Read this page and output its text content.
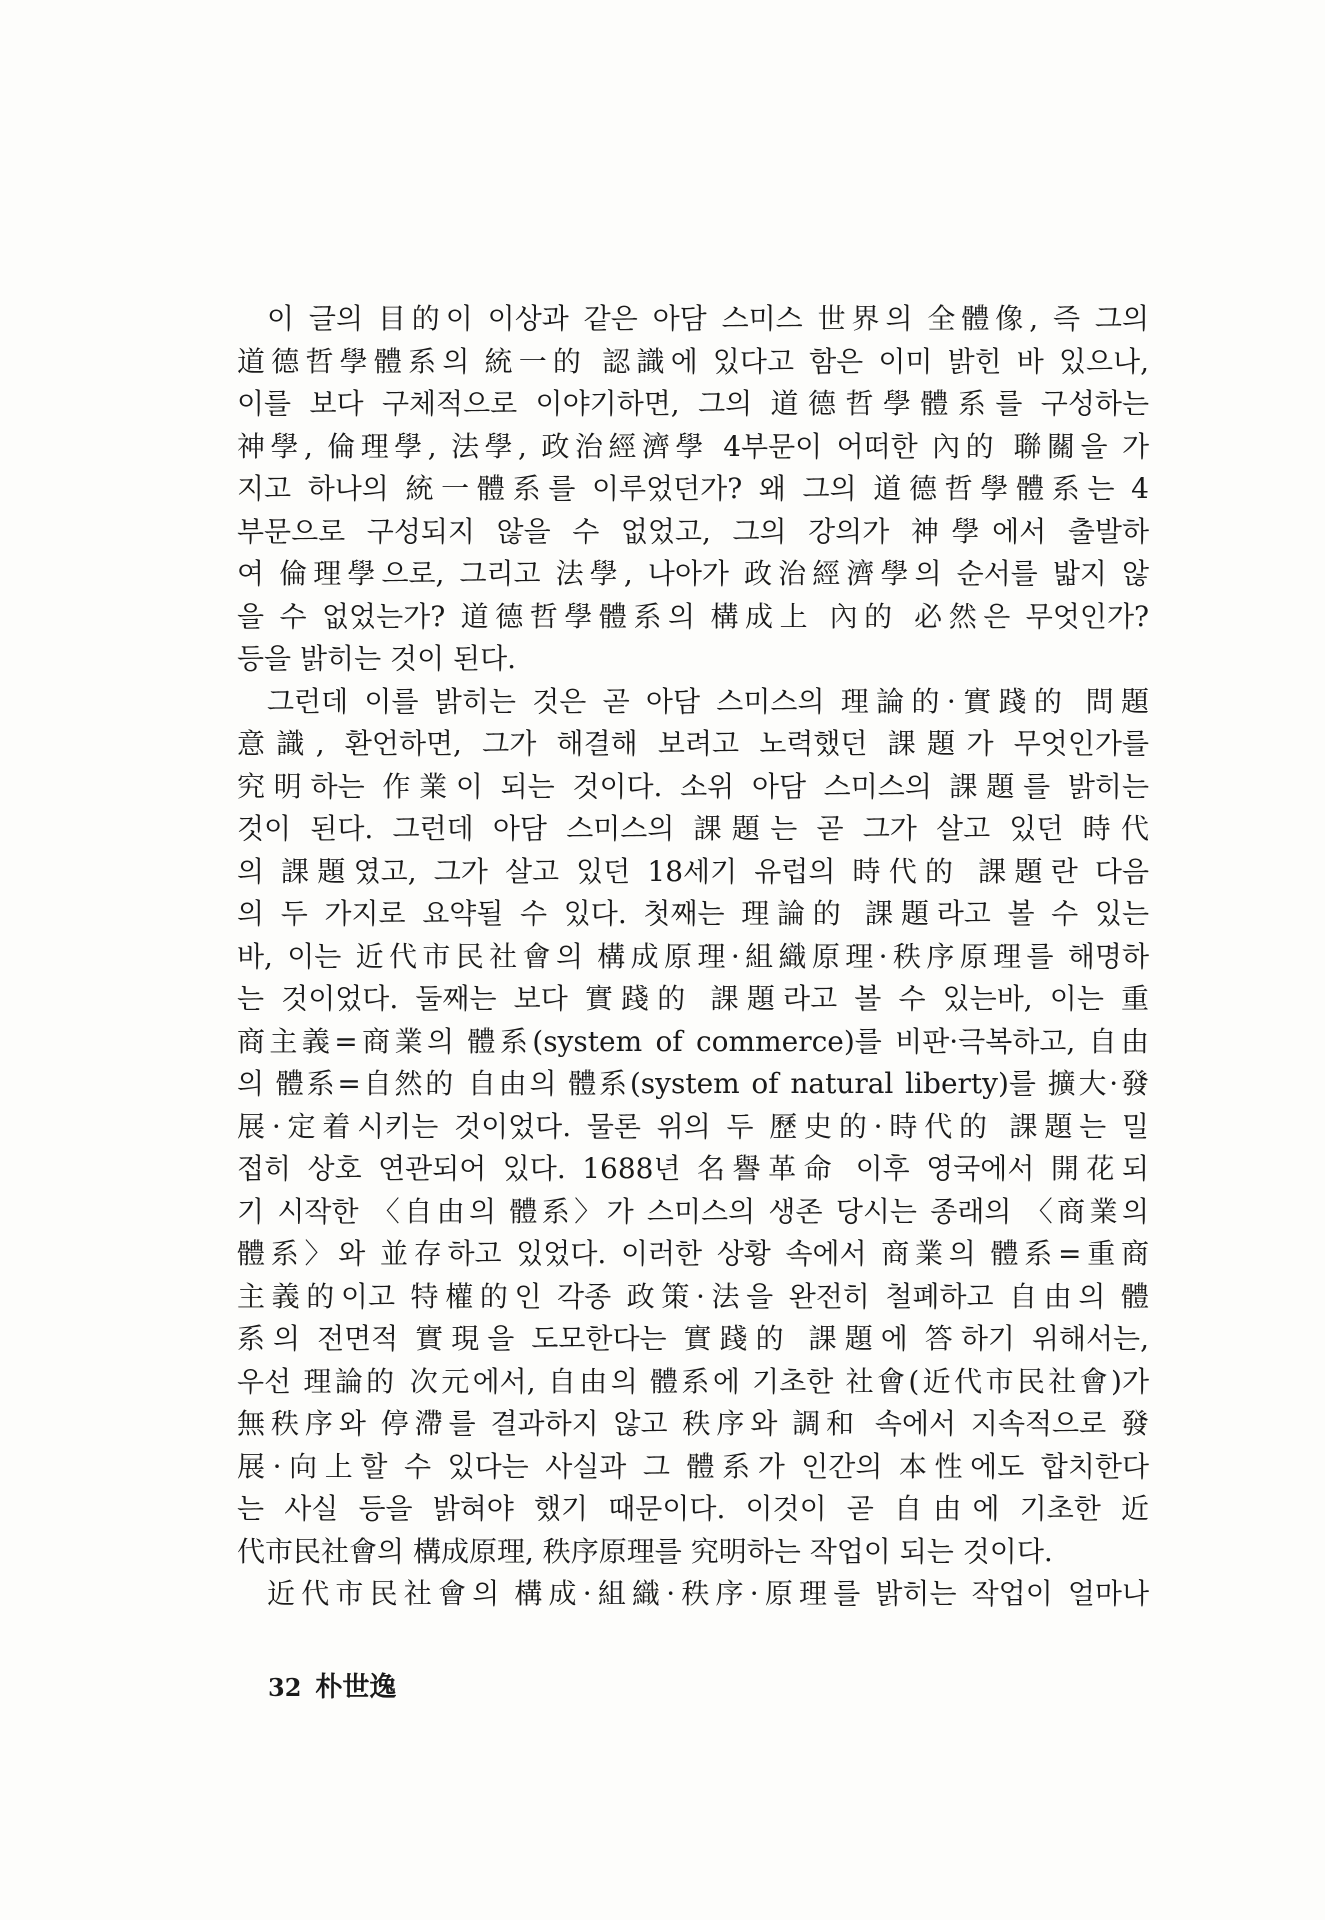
이 글의 目的이 이상과 같은 아담 스미스 世界의 全體像, 즉 그의
道德哲學體系의 統一的 認識에 있다고 함은 이미 밝힌 바 있으나,
이를 보다 구체적으로 이야기하면, 그의 道德哲學體系를 구성하는
神學, 倫理學, 法學, 政治經濟學 4부문이 어떠한 內的 聯關을 가
지고 하나의 統一體系를 이루었던가? 왜 그의 道德哲學體系는 4
부문으로 구성되지 않을 수 없었고, 그의 강의가 神學에서 출발하
여 倫理學으로, 그리고 法學, 나아가 政治經濟學의 순서를 밟지 않
을 수 없었는가? 道德哲學體系의 構成上 內的 必然은 무엇인가?
등을 밝히는 것이 된다.
그런데 이를 밝히는 것은 곧 아담 스미스의 理論的·實踐的 問題
意識, 환언하면, 그가 해결해 보려고 노력했던 課題가 무엇인가를
究明하는 作業이 되는 것이다. 소위 아담 스미스의 課題를 밝히는
것이 된다. 그런데 아담 스미스의 課題는 곧 그가 살고 있던 時代
의 課題였고, 그가 살고 있던 18세기 유럽의 時代的 課題란 다음
의 두 가지로 요약될 수 있다. 첫째는 理論的 課題라고 볼 수 있는
바, 이는 近代市民社會의 構成原理·組織原理·秩序原理를 해명하
는 것이었다. 둘째는 보다 實踐的 課題라고 볼 수 있는바, 이는 重
商主義=商業의 體系(system of commerce)를 비판·극복하고, 自由
의 體系=自然的 自由의 體系(system of natural liberty)를 擴大·發
展·定着시키는 것이었다. 물론 위의 두 歷史的·時代的 課題는 밀
접히 상호 연관되어 있다. 1688년 名譽革命 이후 영국에서 開花되
기 시작한 〈自由의 體系〉가 스미스의 생존 당시는 종래의 〈商業의
體系〉와 並存하고 있었다. 이러한 상황 속에서 商業의 體系=重商
主義的이고 特權的인 각종 政策·法을 완전히 철폐하고 自由의 體
系의 전면적 實現을 도모한다는 實踐的 課題에 答하기 위해서는,
우선 理論的 次元에서, 自由의 體系에 기초한 社會(近代市民社會)가
無秩序와 停滯를 결과하지 않고 秩序와 調和 속에서 지속적으로 發
展·向上할 수 있다는 사실과 그 體系가 인간의 本性에도 합치한다
는 사실 등을 밝혀야 했기 때문이다. 이것이 곧 自由에 기초한 近
代市民社會의 構成原理, 秩序原理를 究明하는 작업이 되는 것이다.
近代市民社會의 構成·組織·秩序·原理를 밝히는 작업이 얼마나
32 朴世逸
